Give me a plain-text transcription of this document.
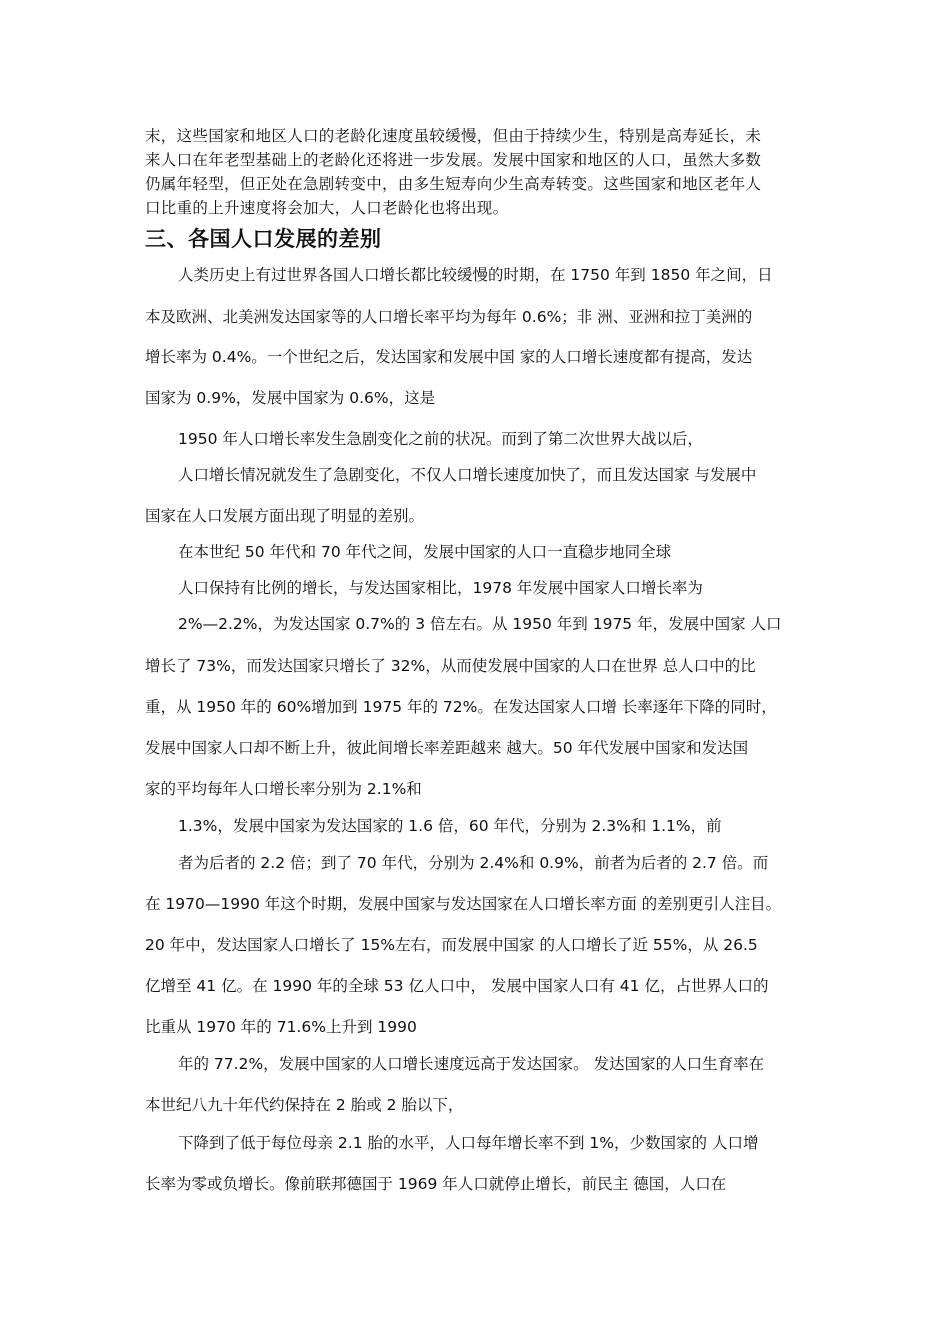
末，这些国家和地区人口的老龄化速度虽较缓慢，但由于持续少生，特别是高寿延长，未
来人口在年老型基础上的老龄化还将进一步发展。发展中国家和地区的人口，虽然大多数
仍属年轻型，但正处在急剧转变中，由多生短寿向少生高寿转变。这些国家和地区老年人
口比重的上升速度将会加大，人口老龄化也将出现。
三、各国人口发展的差别
人类历史上有过世界各国人口增长都比较缓慢的时期，在 1750 年到 1850 年之间，日
本及欧洲、北美洲发达国家等的人口增长率平均为每年 0.6%；非 洲、亚洲和拉丁美洲的
增长率为 0.4%。一个世纪之后，发达国家和发展中国 家的人口增长速度都有提高，发达
国家为 0.9%，发展中国家为 0.6%，这是
1950 年人口增长率发生急剧变化之前的状况。而到了第二次世界大战以后，
人口增长情况就发生了急剧变化，不仅人口增长速度加快了，而且发达国家 与发展中
国家在人口发展方面出现了明显的差别。
在本世纪 50 年代和 70 年代之间，发展中国家的人口一直稳步地同全球
人口保持有比例的增长，与发达国家相比，1978 年发展中国家人口增长率为
2%—2.2%，为发达国家 0.7%的 3 倍左右。从 1950 年到 1975 年，发展中国家 人口
增长了 73%，而发达国家只增长了 32%，从而使发展中国家的人口在世界 总人口中的比
重，从 1950 年的 60%增加到 1975 年的 72%。在发达国家人口增 长率逐年下降的同时，
发展中国家人口却不断上升，彼此间增长率差距越来 越大。50 年代发展中国家和发达国
家的平均每年人口增长率分别为 2.1%和
1.3%，发展中国家为发达国家的 1.6 倍，60 年代，分别为 2.3%和 1.1%，前
者为后者的 2.2 倍；到了 70 年代，分别为 2.4%和 0.9%，前者为后者的 2.7 倍。而
在 1970—1990 年这个时期，发展中国家与发达国家在人口增长率方面 的差别更引人注目。
20 年中，发达国家人口增长了 15%左右，而发展中国家 的人口增长了近 55%，从 26.5
亿增至 41 亿。在 1990 年的全球 53 亿人口中， 发展中国家人口有 41 亿，占世界人口的
比重从 1970 年的 71.6%上升到 1990
年的 77.2%，发展中国家的人口增长速度远高于发达国家。 发达国家的人口生育率在
本世纪八九十年代约保持在 2 胎或 2 胎以下，
下降到了低于每位母亲 2.1 胎的水平，人口每年增长率不到 1%，少数国家的 人口增
长率为零或负增长。像前联邦德国于 1969 年人口就停止增长，前民主 德国，人口在
